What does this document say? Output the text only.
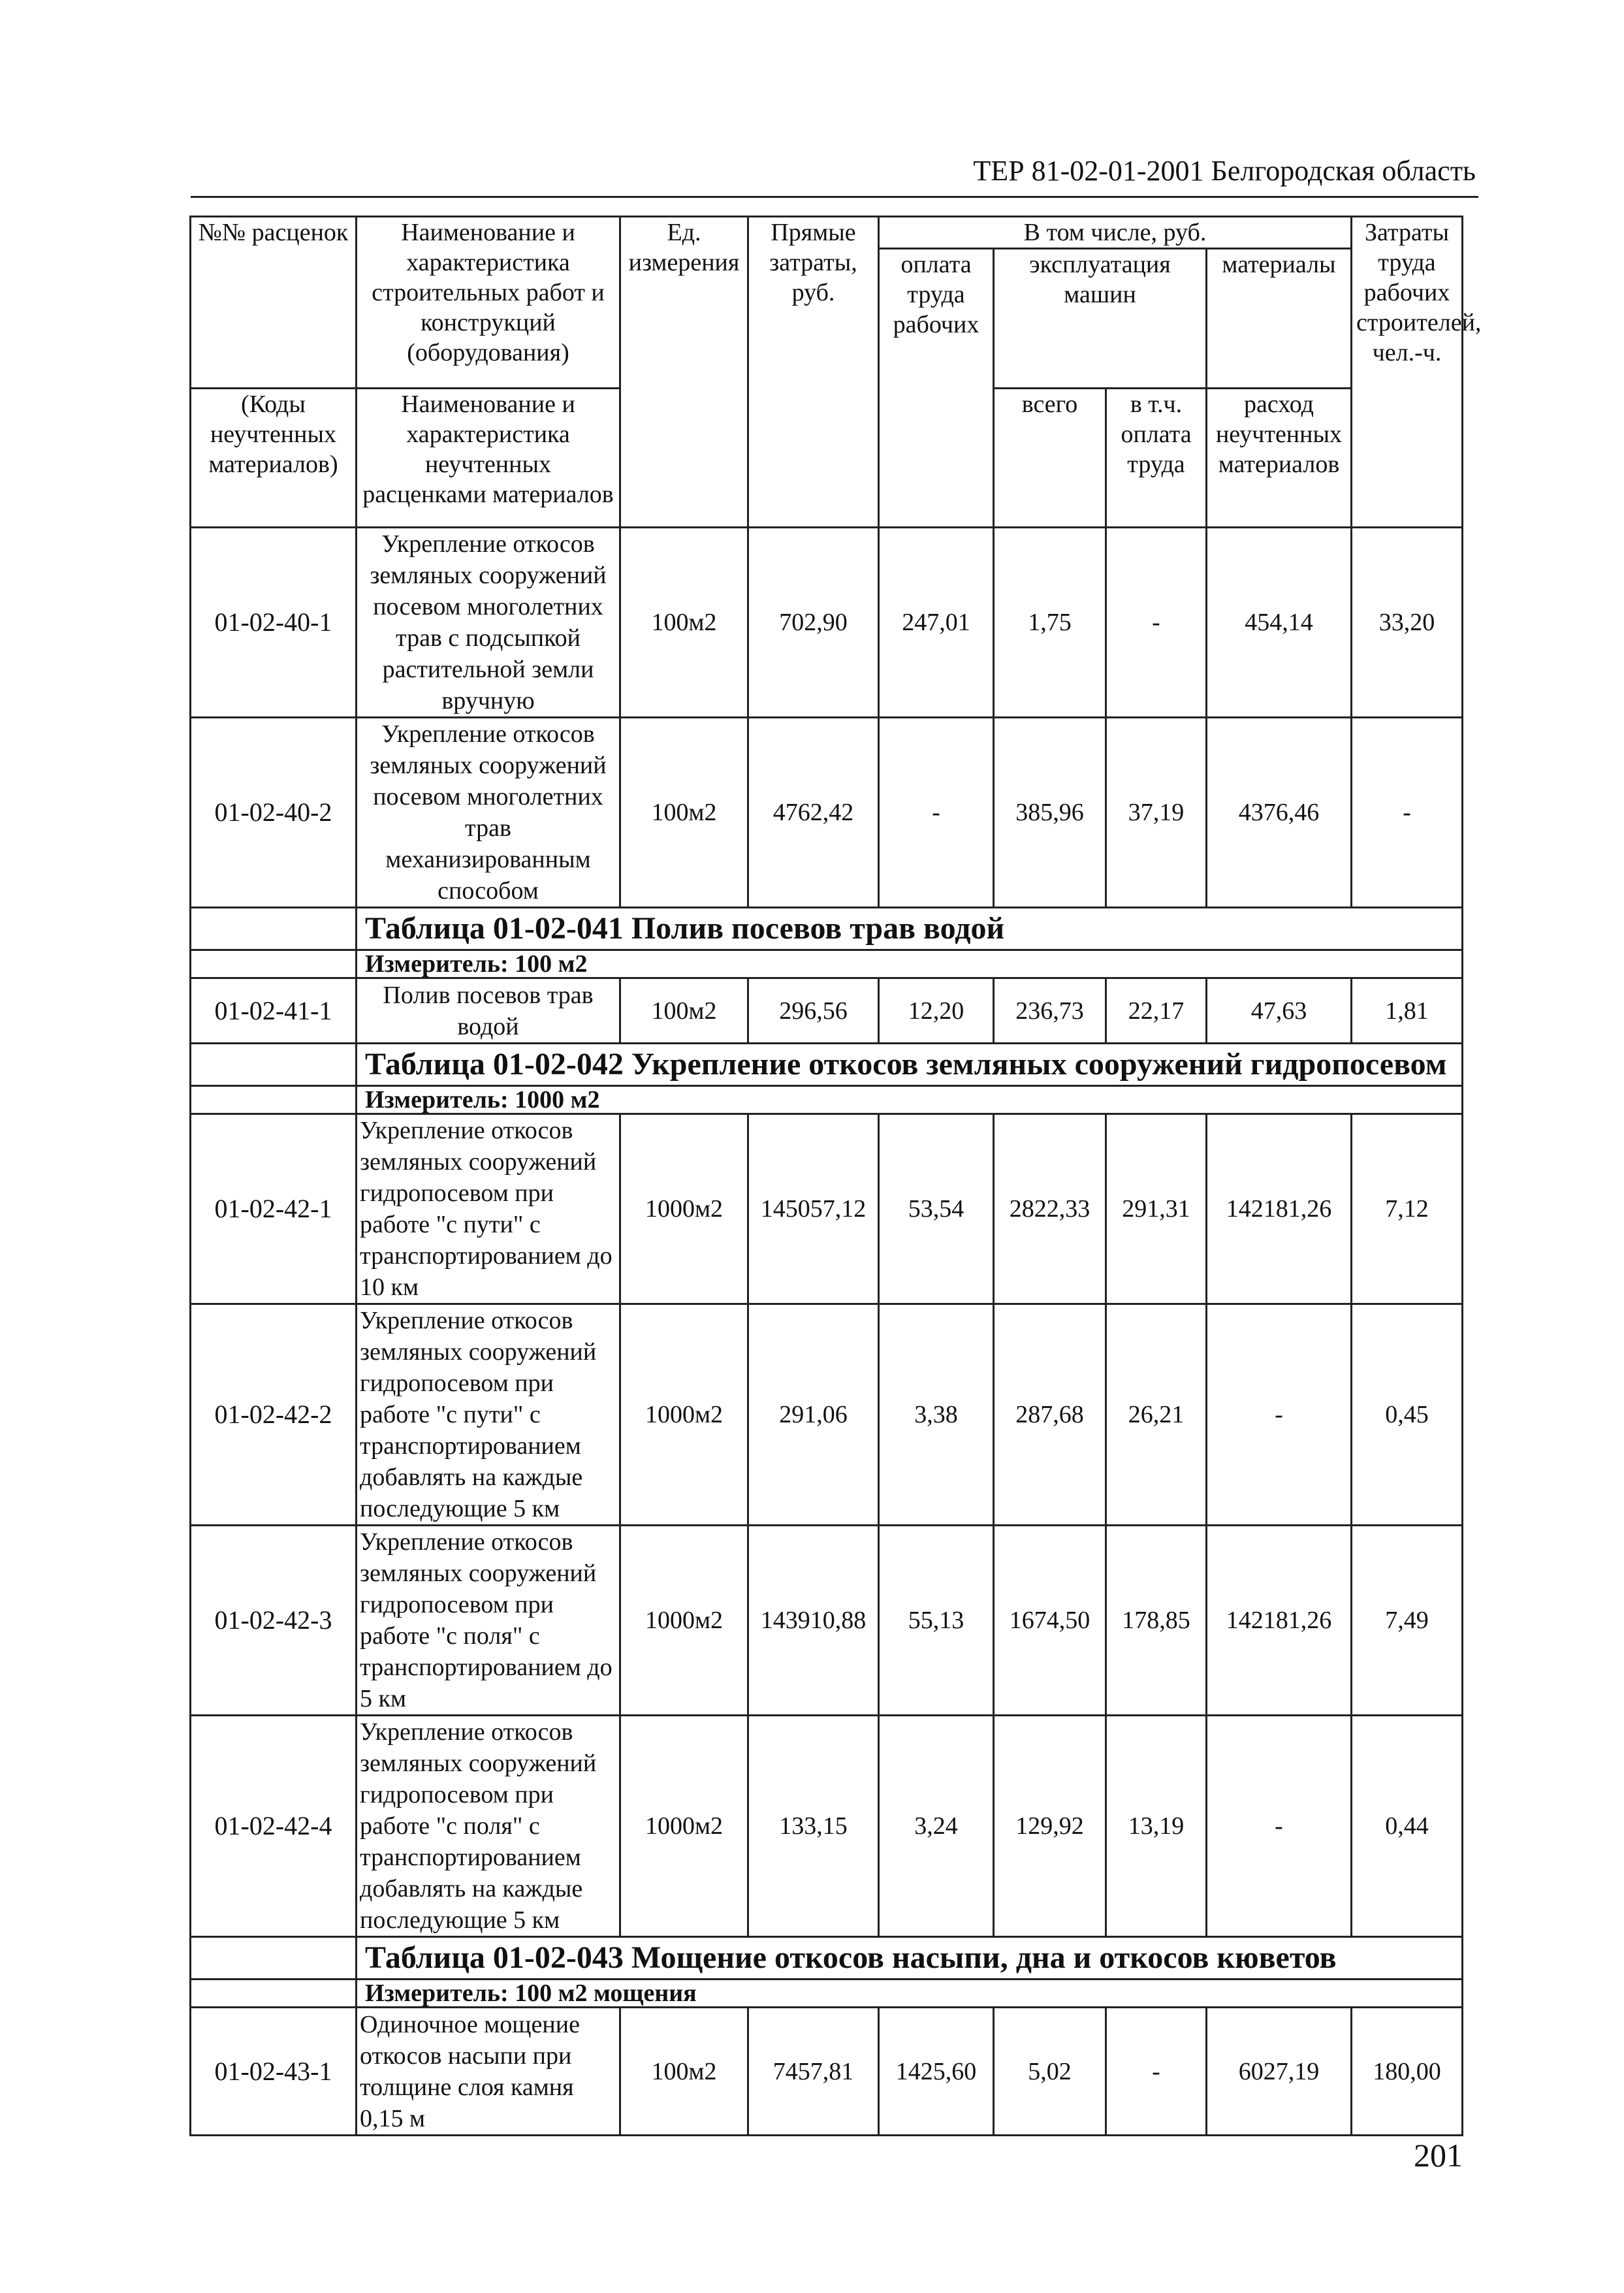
ТЕР 81-02-01-2001 Белгородская область
№№ расценок	Наименование и характеристика строительных работ и конструкций (оборудования)	Ед. измерения	Прямые затраты, руб.	В том числе, руб.				Затраты труда рабочих строителей, чел.-ч.
				оплата труда рабочих	эксплуатация машин		материалы	
(Коды неучтенных материалов)	Наименование и характеристика неучтенных расценками материалов				всего	в т.ч. оплата труда	расход неучтенных материалов	

01-02-40-1	Укрепление откосов земляных сооружений посевом многолетних трав с подсыпкой растительной земли вручную	100м2	702,90	247,01	1,75	-	454,14	33,20
01-02-40-2	Укрепление откосов земляных сооружений посевом многолетних трав механизированным способом	100м2	4762,42	-	385,96	37,19	4376,46	-
	Таблица 01-02-041 Полив посевов трав водой							
	Измеритель: 100 м2							
01-02-41-1	Полив посевов трав водой	100м2	296,56	12,20	236,73	22,17	47,63	1,81
	Таблица 01-02-042 Укрепление откосов земляных сооружений гидропосевом							
	Измеритель: 1000 м2							
01-02-42-1	Укрепление откосов земляных сооружений гидропосевом при работе "с пути" с транспортированием до 10 км	1000м2	145057,12	53,54	2822,33	291,31	142181,26	7,12
01-02-42-2	Укрепление откосов земляных сооружений гидропосевом при работе "с пути" с транспортированием добавлять на каждые последующие 5 км	1000м2	291,06	3,38	287,68	26,21	-	0,45
01-02-42-3	Укрепление откосов земляных сооружений гидропосевом при работе "с поля" с транспортированием до 5 км	1000м2	143910,88	55,13	1674,50	178,85	142181,26	7,49
01-02-42-4	Укрепление откосов земляных сооружений гидропосевом при работе "с поля" с транспортированием добавлять на каждые последующие 5 км	1000м2	133,15	3,24	129,92	13,19	-	0,44
	Таблица 01-02-043 Мощение откосов насыпи, дна и откосов кюветов							
	Измеритель: 100 м2 мощения							
01-02-43-1	Одиночное мощение откосов насыпи при толщине слоя камня 0,15 м	100м2	7457,81	1425,60	5,02	-	6027,19	180,00
201
